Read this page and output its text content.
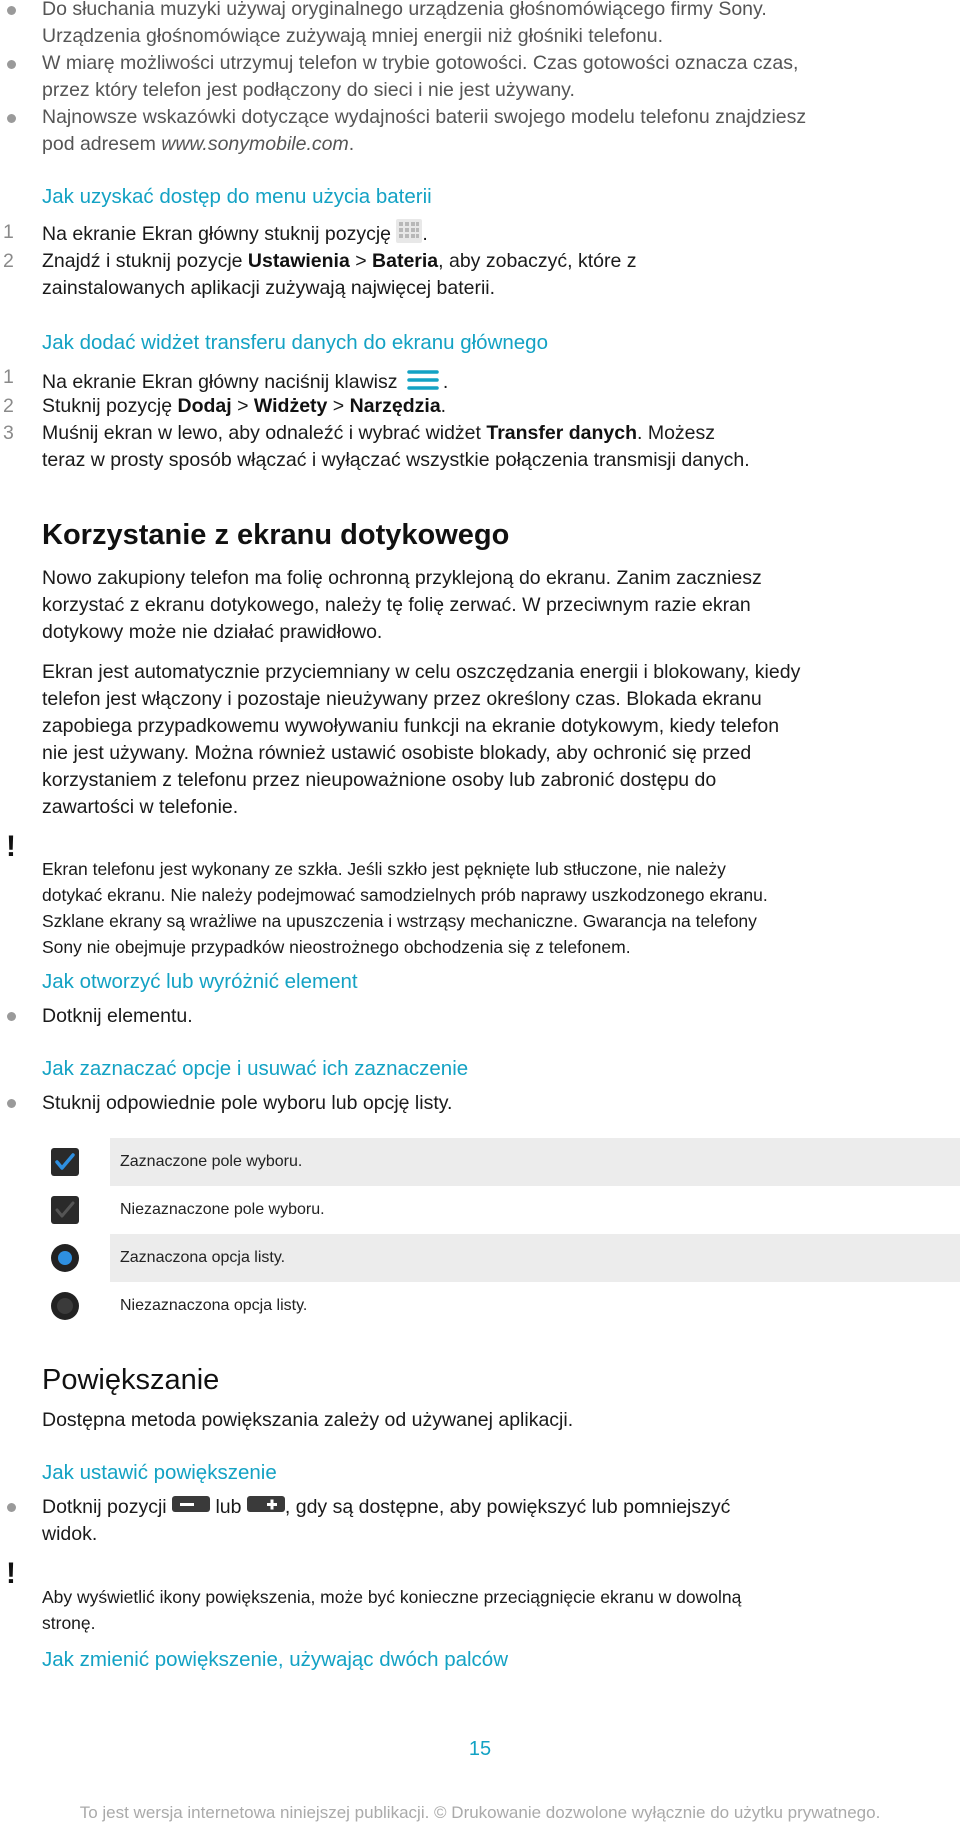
Do słuchania muzyki używaj oryginalnego urządzenia głośnomówiącego firmy Sony.
Urządzenia głośnomówiące zużywają mniej energii niż głośniki telefonu.

W miarę możliwości utrzymuj telefon w trybie gotowości. Czas gotowości oznacza czas,
przez który telefon jest podłączony do sieci i nie jest używany.

Najnowsze wskazówki dotyczące wydajności baterii swojego modelu telefonu znajdziesz
pod adresem www.sonymobile.com.

Jak uzyskać dostęp do menu użycia baterii
1 Na ekranie Ekran główny stuknij pozycję .

2 Znajdź i stuknij pozycje Ustawienia > Bateria, aby zobaczyć, które z
zainstalowanych aplikacji zużywają najwięcej baterii.

Jak dodać widżet transferu danych do ekranu głównego
1 Na ekranie Ekran główny naciśnij klawisz .

2 Stuknij pozycję Dodaj > Widżety > Narzędzia.

3 Muśnij ekran w lewo, aby odnaleźć i wybrać widżet Transfer danych. Możesz
teraz w prosty sposób włączać i wyłączać wszystkie połączenia transmisji danych.

Korzystanie z ekranu dotykowego

Nowo zakupiony telefon ma folię ochronną przyklejoną do ekranu. Zanim zaczniesz
korzystać z ekranu dotykowego, należy tę folię zerwać. W przeciwnym razie ekran
dotykowy może nie działać prawidłowo.

Ekran jest automatycznie przyciemniany w celu oszczędzania energii i blokowany, kiedy
telefon jest włączony i pozostaje nieużywany przez określony czas. Blokada ekranu
zapobiega przypadkowemu wywoływaniu funkcji na ekranie dotykowym, kiedy telefon
nie jest używany. Można również ustawić osobiste blokady, aby ochronić się przed
korzystaniem z telefonu przez nieupoważnione osoby lub zabronić dostępu do
zawartości w telefonie.

!

Ekran telefonu jest wykonany ze szkła. Jeśli szkło jest pęknięte lub stłuczone, nie należy
dotykać ekranu. Nie należy podejmować samodzielnych prób naprawy uszkodzonego ekranu.
Szklane ekrany są wrażliwe na upuszczenia i wstrząsy mechaniczne. Gwarancja na telefony
Sony nie obejmuje przypadków nieostrożnego obchodzenia się z telefonem.

Jak otworzyć lub wyróżnić element

Dotknij elementu.

Jak zaznaczać opcje i usuwać ich zaznaczenie

Stuknij odpowiednie pole wyboru lub opcję listy.

Zaznaczone pole wyboru.
Niezaznaczone pole wyboru.
Zaznaczona opcja listy.
Niezaznaczona opcja listy.
Powiększanie

Dostępna metoda powiększania zależy od używanej aplikacji.

Jak ustawić powiększenie

Dotknij pozycji  lub , gdy są dostępne, aby powiększyć lub pomniejszyć
widok.

!

Aby wyświetlić ikony powiększenia, może być konieczne przeciągnięcie ekranu w dowolną
stronę.

Jak zmienić powiększenie, używając dwóch palców
15
To jest wersja internetowa niniejszej publikacji. © Drukowanie dozwolone wyłącznie do użytku prywatnego.
